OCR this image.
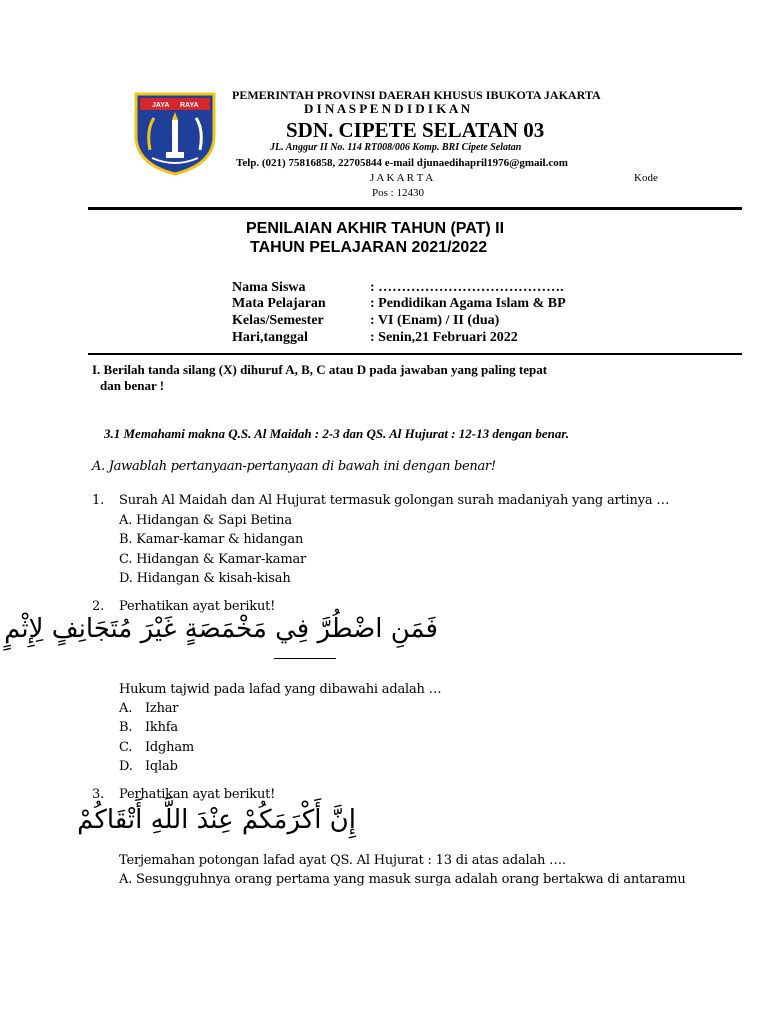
JAYA RAYA
PEMERINTAH PROVINSI DAERAH KHUSUS IBUKOTA JAKARTA
D I N A S P E N D I D I K A N
SDN. CIPETE SELATAN 03
JL. Anggur II No. 114 RT008/006 Komp. BRI Cipete Selatan
Telp. (021) 75816858, 22705844 e-mail djunaedihapril1976@gmail.com
J A K A R T A	Kode
Pos : 12430
PENILAIAN AKHIR TAHUN (PAT) II
TAHUN PELAJARAN 2021/2022
Nama Siswa	: ………………………………….
Mata Pelajaran	: Pendidikan Agama Islam & BP
Kelas/Semester	: VI (Enam) / II (dua)
Hari,tanggal	: Senin,21 Februari 2022
I. Berilah tanda silang (X) dihuruf A, B, C atau D pada jawaban yang paling tepat
dan benar !
3.1 Memahami makna Q.S. Al Maidah : 2-3 dan QS. Al Hujurat : 12-13 dengan benar.
A. Jawablah pertanyaan-pertanyaan di bawah ini dengan benar!
1. Surah Al Maidah dan Al Hujurat termasuk golongan surah madaniyah yang artinya …
A. Hidangan & Sapi Betina
B. Kamar-kamar & hidangan
C. Hidangan & Kamar-kamar
D. Hidangan & kisah-kisah
2. Perhatikan ayat berikut!
فَمَنِ اضْطُرَّ فِي مَخْمَصَةٍ غَيْرَ مُتَجَانِفٍ لِإِثْمٍ
Hukum tajwid pada lafad yang dibawahi adalah …
A. Izhar
B. Ikhfa
C. Idgham
D. Iqlab
3. Perhatikan ayat berikut!
إِنَّ أَكْرَمَكُمْ عِنْدَ اللَّهِ أَتْقَاكُمْ
Terjemahan potongan lafad ayat QS. Al Hujurat : 13 di atas adalah ….
A. Sesungguhnya orang pertama yang masuk surga adalah orang bertakwa di antaramu
